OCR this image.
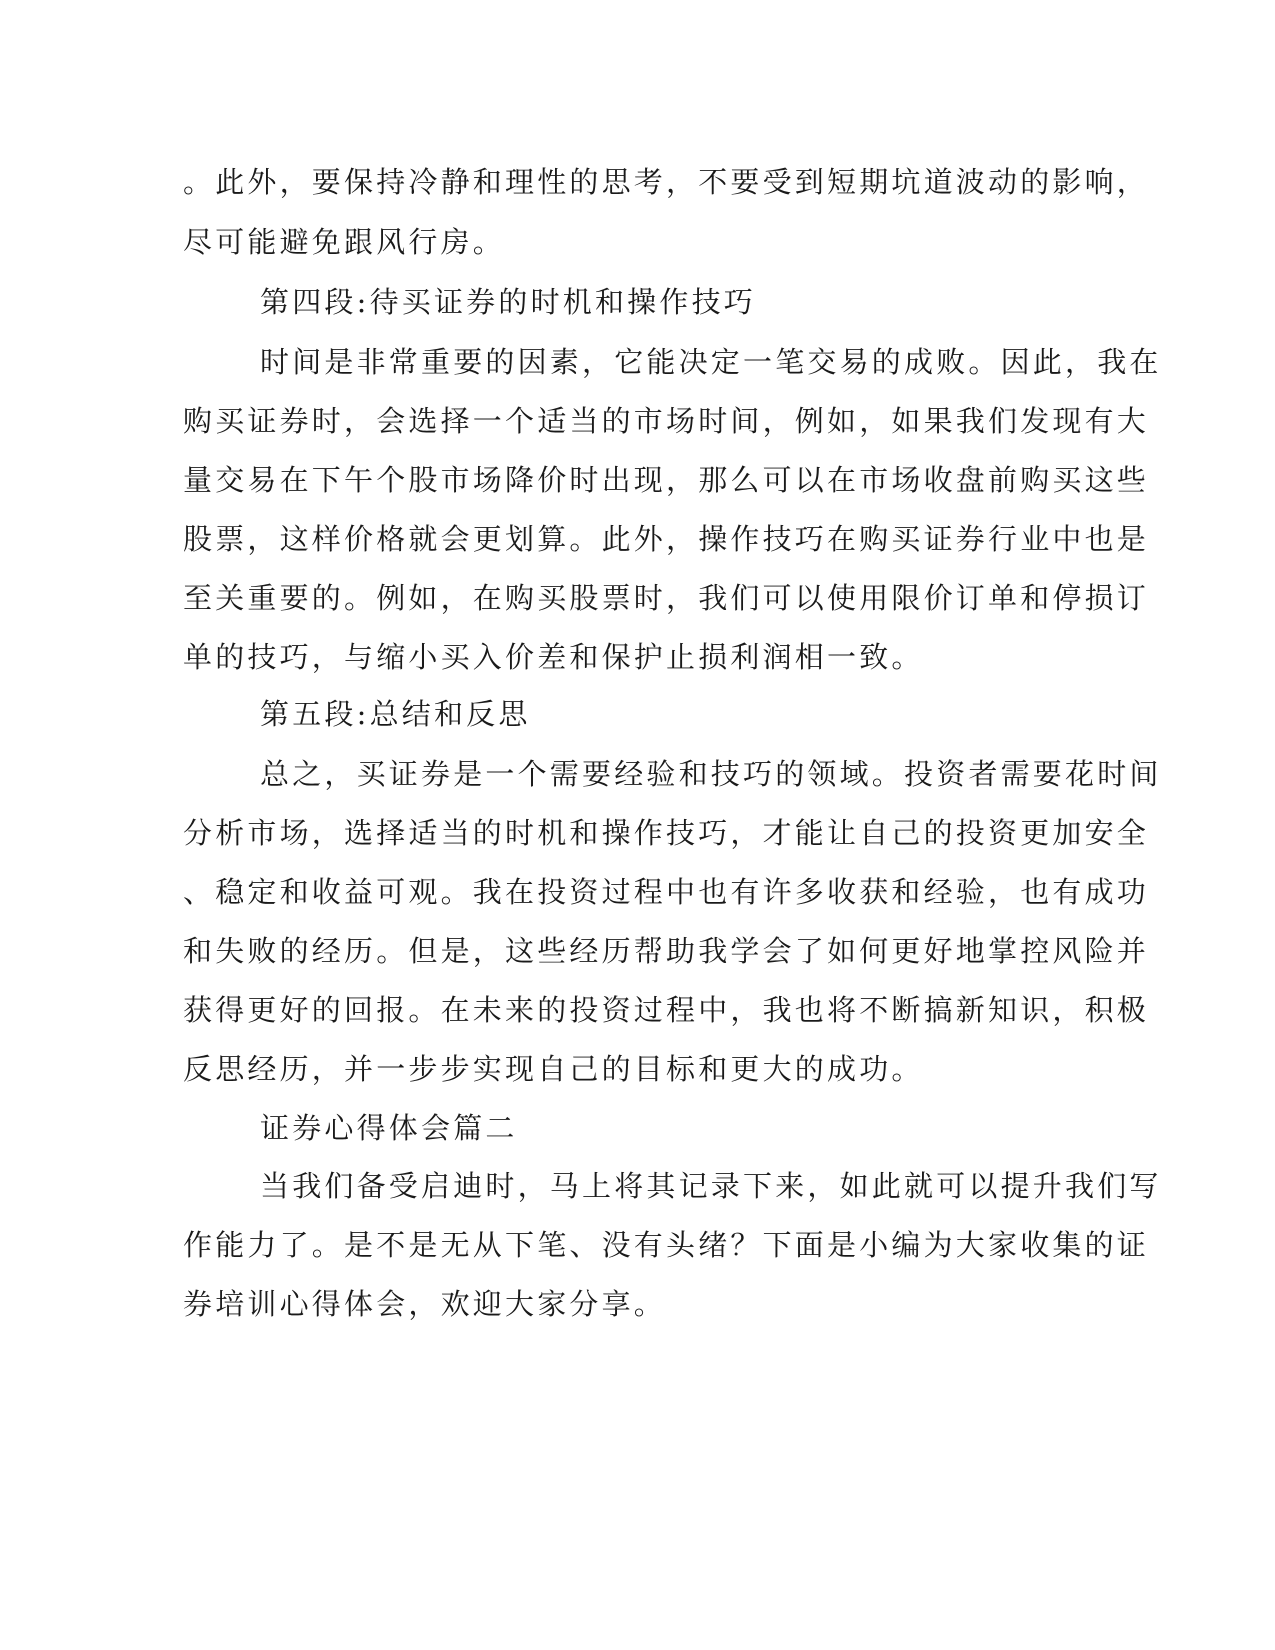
。此外，要保持冷静和理性的思考，不要受到短期坑道波动的影响，
尽可能避免跟风行房。
第四段:待买证券的时机和操作技巧
时间是非常重要的因素，它能决定一笔交易的成败。因此，我在
购买证券时，会选择一个适当的市场时间，例如，如果我们发现有大
量交易在下午个股市场降价时出现，那么可以在市场收盘前购买这些
股票，这样价格就会更划算。此外，操作技巧在购买证券行业中也是
至关重要的。例如，在购买股票时，我们可以使用限价订单和停损订
单的技巧，与缩小买入价差和保护止损利润相一致。
第五段:总结和反思
总之，买证券是一个需要经验和技巧的领域。投资者需要花时间
分析市场，选择适当的时机和操作技巧，才能让自己的投资更加安全
、稳定和收益可观。我在投资过程中也有许多收获和经验，也有成功
和失败的经历。但是，这些经历帮助我学会了如何更好地掌控风险并
获得更好的回报。在未来的投资过程中，我也将不断搞新知识，积极
反思经历，并一步步实现自己的目标和更大的成功。
证券心得体会篇二
当我们备受启迪时，马上将其记录下来，如此就可以提升我们写
作能力了。是不是无从下笔、没有头绪？下面是小编为大家收集的证
券培训心得体会，欢迎大家分享。
